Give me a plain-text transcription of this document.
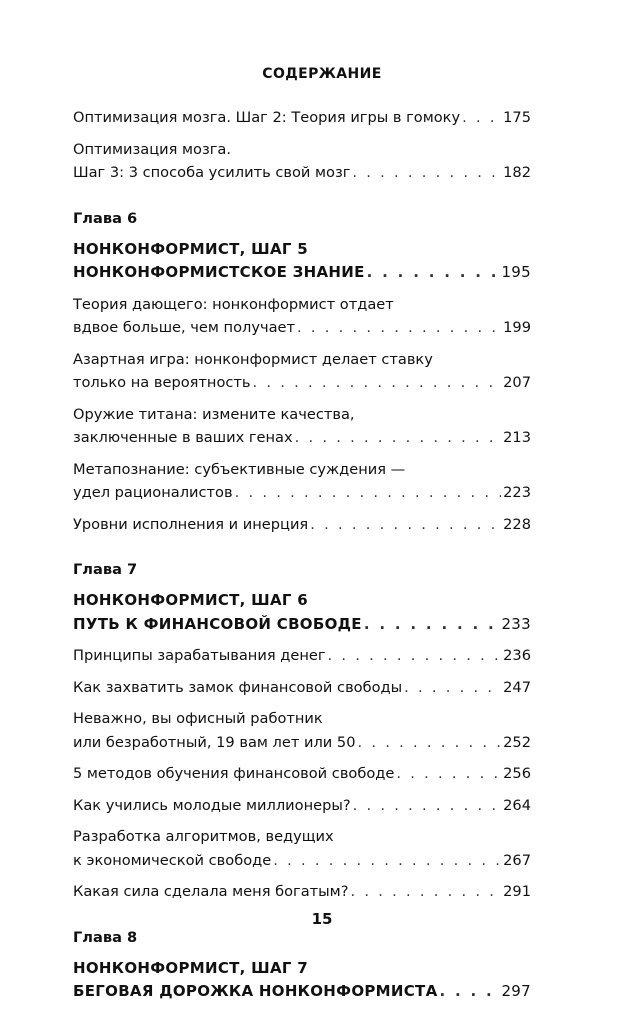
СОДЕРЖАНИЕ
Оптимизация мозга. Шаг 2: Теория игры в гомоку . . .	175
Оптимизация мозга.
Шаг 3: 3 способа усилить свой мозг . . .	182
Глава 6
НОНКОНФОРМИСТ, ШАГ 5
НОНКОНФОРМИСТСКОЕ ЗНАНИЕ . . .	195
Теория дающего: нонконформист отдает
вдвое больше, чем получает . . .	199
Азартная игра: нонконформист делает ставку
только на вероятность . . .	207
Оружие титана: измените качества,
заключенные в ваших генах . . .	213
Метапознание: субъективные суждения —
удел рационалистов . . .	223
Уровни исполнения и инерция . . .	228
Глава 7
НОНКОНФОРМИСТ, ШАГ 6
ПУТЬ К ФИНАНСОВОЙ СВОБОДЕ . . .	233
Принципы зарабатывания денег . . .	236
Как захватить замок финансовой свободы . . .	247
Неважно, вы офисный работник
или безработный, 19 вам лет или 50 . . .	252
5 методов обучения финансовой свободе . . .	256
Как учились молодые миллионеры? . . .	264
Разработка алгоритмов, ведущих
к экономической свободе . . .	267
Какая сила сделала меня богатым? . . .	291
Глава 8
НОНКОНФОРМИСТ, ШАГ 7
БЕГОВАЯ ДОРОЖКА НОНКОНФОРМИСТА . . .	297
15
